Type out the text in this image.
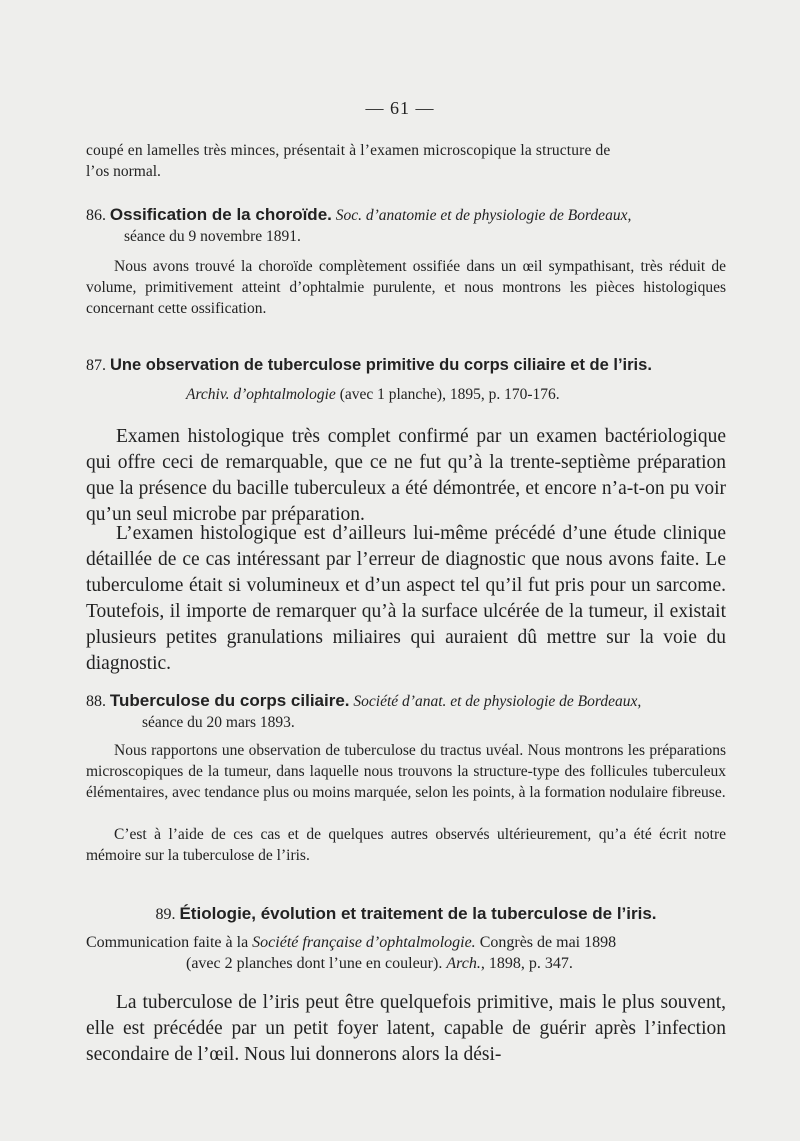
— 61 —
coupé en lamelles très minces, présentait à l’examen microscopique la structure de
l’os normal.
86. Ossification de la choroïde. Soc. d’anatomie et de physiologie de Bordeaux,
séance du 9 novembre 1891.
Nous avons trouvé la choroïde complètement ossifiée dans un œil sympathisant, très réduit de volume, primitivement atteint d’ophtalmie purulente, et nous montrons les pièces histologiques concernant cette ossification.
87. Une observation de tuberculose primitive du corps ciliaire et de l’iris.
Archiv. d’ophtalmologie (avec 1 planche), 1895, p. 170-176.
Examen histologique très complet confirmé par un examen bactériologique qui offre ceci de remarquable, que ce ne fut qu’à la trente-septième préparation que la présence du bacille tuberculeux a été démontrée, et encore n’a-t-on pu voir qu’un seul microbe par préparation.
L’examen histologique est d’ailleurs lui-même précédé d’une étude clinique détaillée de ce cas intéressant par l’erreur de diagnostic que nous avons faite. Le tuberculome était si volumineux et d’un aspect tel qu’il fut pris pour un sarcome. Toutefois, il importe de remarquer qu’à la surface ulcérée de la tumeur, il existait plusieurs petites granulations miliaires qui auraient dû mettre sur la voie du diagnostic.
88. Tuberculose du corps ciliaire. Société d’anat. et de physiologie de Bordeaux,
séance du 20 mars 1893.
Nous rapportons une observation de tuberculose du tractus uvéal. Nous montrons les préparations microscopiques de la tumeur, dans laquelle nous trouvons la structure-type des follicules tuberculeux élémentaires, avec tendance plus ou moins marquée, selon les points, à la formation nodulaire fibreuse.
C’est à l’aide de ces cas et de quelques autres observés ultérieurement, qu’a été écrit notre mémoire sur la tuberculose de l’iris.
89. Étiologie, évolution et traitement de la tuberculose de l’iris.
Communication faite à la Société française d’ophtalmologie. Congrès de mai 1898
(avec 2 planches dont l’une en couleur). Arch., 1898, p. 347.
La tuberculose de l’iris peut être quelquefois primitive, mais le plus souvent, elle est précédée par un petit foyer latent, capable de guérir après l’infection secondaire de l’œil. Nous lui donnerons alors la dési-
